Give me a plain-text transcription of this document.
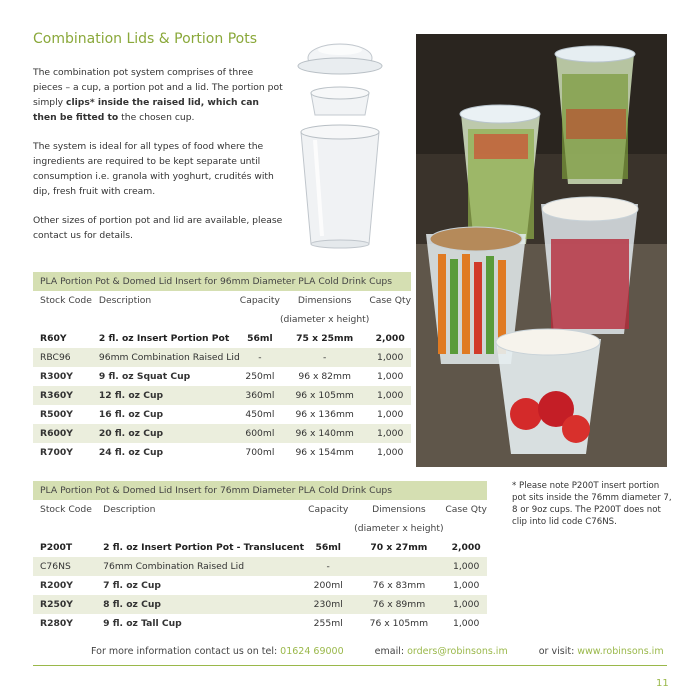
Combination Lids & Portion Pots

The combination pot system comprises of three pieces – a cup, a portion pot and a lid. The portion pot simply clips* inside the raised lid, which can then be fitted to the chosen cup.

The system is ideal for all types of food where the ingredients are required to be kept separate until consumption i.e. granola with yoghurt, crudités with dip, fresh fruit with cream.

Other sizes of portion pot and lid are available, please contact us for details.

PLA Portion Pot & Domed Lid Insert for 96mm Diameter PLA Cold Drink Cups				
Stock Code	Description	Capacity	Dimensions	Case Qty
			(diameter x height)	
R60Y	2 fl. oz Insert Portion Pot	56ml	75 x 25mm	2,000
RBC96	96mm Combination Raised Lid	-	-	1,000
R300Y	9 fl. oz Squat Cup	250ml	96 x 82mm	1,000
R360Y	12 fl. oz Cup	360ml	96 x 105mm	1,000
R500Y	16 fl. oz Cup	450ml	96 x 136mm	1,000
R600Y	20 fl. oz Cup	600ml	96 x 140mm	1,000
R700Y	24 fl. oz Cup	700ml	96 x 154mm	1,000
PLA Portion Pot & Domed Lid Insert for 76mm Diameter PLA Cold Drink Cups				
Stock Code	Description	Capacity	Dimensions	Case Qty
			(diameter x height)	
P200T	2 fl. oz Insert Portion Pot - Translucent	56ml	70 x 27mm	2,000
C76NS	76mm Combination Raised Lid	-		1,000
R200Y	7 fl. oz Cup	200ml	76 x 83mm	1,000
R250Y	8 fl. oz Cup	230ml	76 x 89mm	1,000
R280Y	9 fl. oz Tall Cup	255ml	76 x 105mm	1,000
* Please note P200T insert portion pot sits inside the 76mm diameter 7, 8 or 9oz cups. The P200T does not clip into lid code C76NS.
For more information contact us on tel: 01624 69000	email: orders@robinsons.im	or visit: www.robinsons.im
11
